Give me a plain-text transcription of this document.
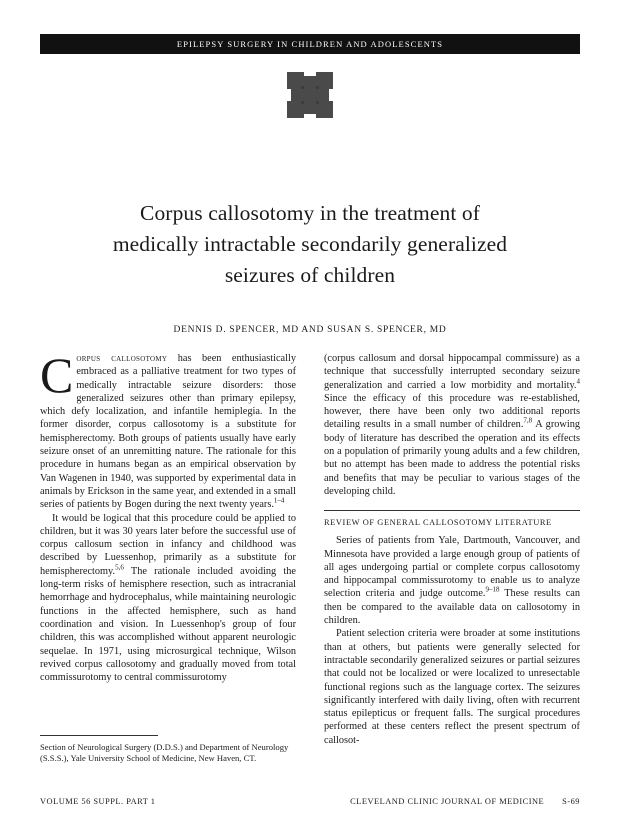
EPILEPSY SURGERY IN CHILDREN AND ADOLESCENTS
Corpus callosotomy in the treatment of
medically intractable secondarily generalized
seizures of children
DENNIS D. SPENCER, MD AND SUSAN S. SPENCER, MD

Corpus callosotomy has been enthusiastically embraced as a palliative treatment for two types of medically intractable seizure disorders: those generalized seizures other than primary epilepsy, which defy localization, and infantile hemiplegia. In the former disorder, corpus callosotomy is a substitute for hemispherectomy. Both groups of patients usually have early seizure onset of an unremitting nature. The rationale for this procedure in humans began as an empirical observation by Van Wagenen in 1940, was supported by experimental data in animals by Erickson in the same year, and extended in a small series of patients by Bogen during the next twenty years.$^{1-4}$

It would be logical that this procedure could be applied to children, but it was 30 years later before the successful use of corpus callosum section in infancy and childhood was described by Luessenhop, primarily as a substitute for hemispherectomy.$^{5,6}$ The rationale included avoiding the long-term risks of hemisphere resection, such as intracranial hemorrhage and hydrocephalus, while maintaining neurologic functions in the affected hemisphere, such as hand coordination and vision. In Luessenhop's group of four children, this was accomplished without apparent neurologic sequelae. In 1971, using microsurgical technique, Wilson revived corpus callosotomy and gradually moved from total commissurotomy to central commissurotomy

(corpus callosum and dorsal hippocampal commissure) as a technique that successfully interrupted secondary seizure generalization and carried a low morbidity and mortality.$^4$ Since the efficacy of this procedure was re-established, however, there have been only two additional reports detailing results in a small number of children.$^{7,8}$ A growing body of literature has described the operation and its effects on a population of primarily young adults and a few children, but no attempt has been made to address the potential risks and benefits that may be peculiar to various stages of the developing child.

REVIEW OF GENERAL CALLOSOTOMY LITERATURE

Series of patients from Yale, Dartmouth, Vancouver, and Minnesota have provided a large enough group of patients of all ages undergoing partial or complete corpus callosotomy and hippocampal commissurotomy to enable us to analyze selection criteria and judge outcome.$^{9-18}$ These results can then be compared to the available data on callosotomy in children.

Patient selection criteria were broader at some institutions than at others, but patients were generally selected for intractable secondarily generalized seizures or partial seizures that could not be localized or were localized to unresectable functional regions such as the language cortex. The seizures significantly interfered with daily living, often with recurrent status epilepticus or frequent falls. The surgical procedures performed at these centers reflect the present spectrum of callosot-

Section of Neurological Surgery (D.D.S.) and Department of Neurology (S.S.S.), Yale University School of Medicine, New Haven, CT.

VOLUME 56 SUPPL. PART 1	CLEVELAND CLINIC JOURNAL OF MEDICINE S-69
